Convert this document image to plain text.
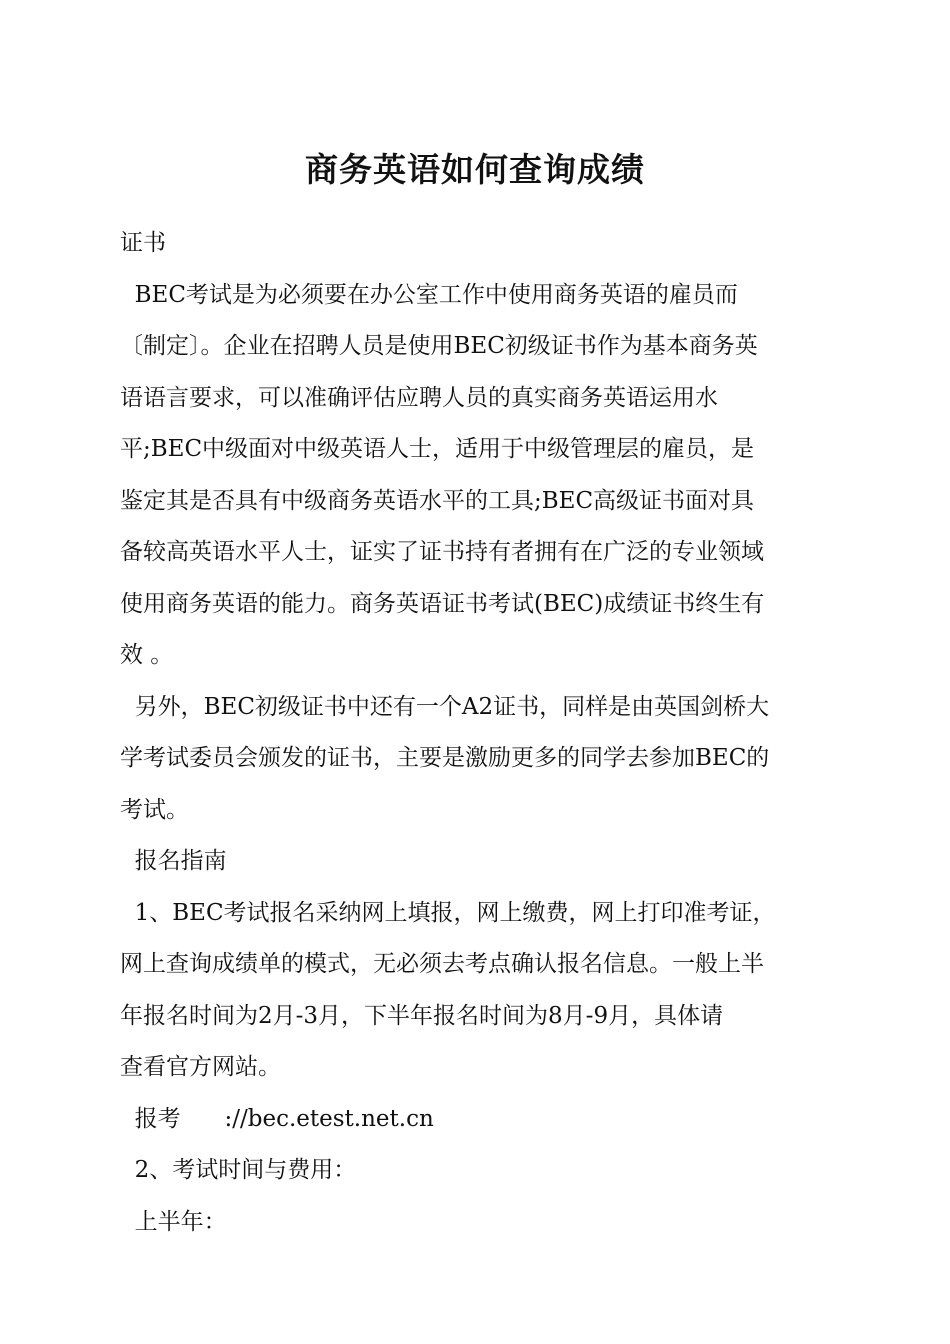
商务英语如何查询成绩
证书
BEC考试是为必须要在办公室工作中使用商务英语的雇员而
〔制定〕。企业在招聘人员是使用BEC初级证书作为基本商务英
语语言要求，可以准确评估应聘人员的真实商务英语运用水
平;BEC中级面对中级英语人士，适用于中级管理层的雇员，是
鉴定其是否具有中级商务英语水平的工具;BEC高级证书面对具
备较高英语水平人士，证实了证书持有者拥有在广泛的专业领域
使用商务英语的能力。商务英语证书考试(BEC)成绩证书终生有
效 。
另外，BEC初级证书中还有一个A2证书，同样是由英国剑桥大
学考试委员会颁发的证书，主要是激励更多的同学去参加BEC的
考试。
报名指南
1、BEC考试报名采纳网上填报，网上缴费，网上打印准考证，
网上查询成绩单的模式，无必须去考点确认报名信息。一般上半
年报名时间为2月-3月，下半年报名时间为8月-9月，具体请
查看官方网站。
报考      ://bec.etest.net.cn
2、考试时间与费用：
上半年：
